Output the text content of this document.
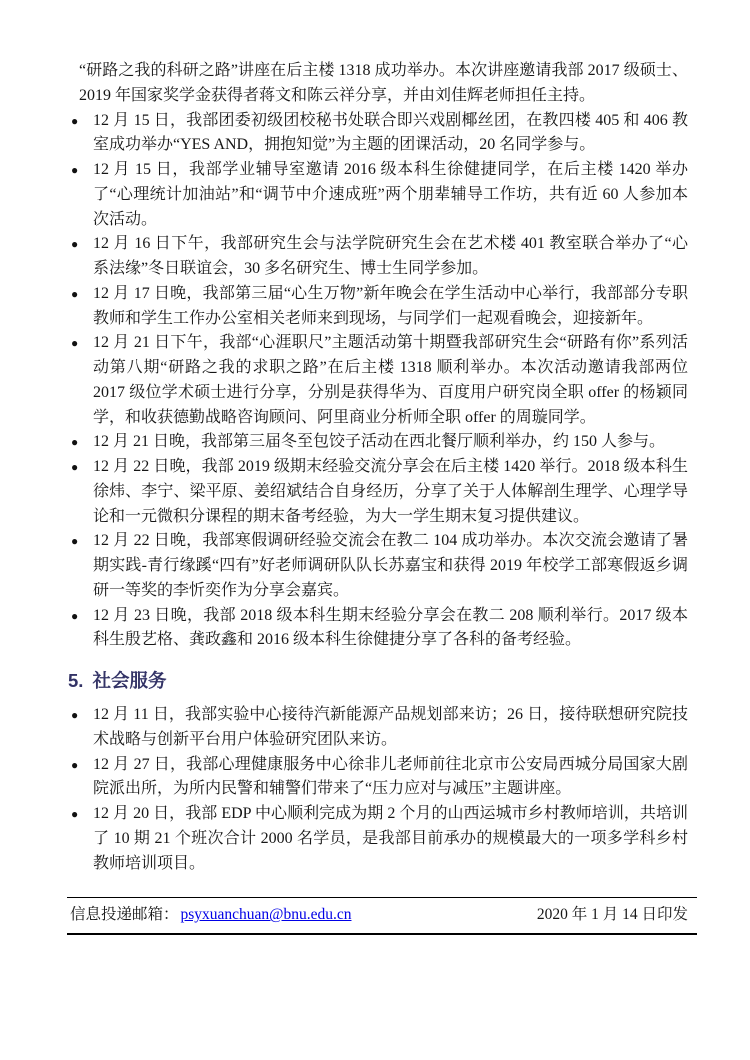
“研路之我的科研之路”讲座在后主楼 1318 成功举办。本次讲座邀请我部 2017 级硕士、2019 年国家奖学金获得者蒋文和陈云祥分享，并由刘佳辉老师担任主持。

● 12 月 15 日，我部团委初级团校秘书处联合即兴戏剧椰丝团，在教四楼 405 和 406 教室成功举办“YES AND，拥抱知觉”为主题的团课活动，20 名同学参与。
● 12 月 15 日，我部学业辅导室邀请 2016 级本科生徐健捷同学，在后主楼 1420 举办了“心理统计加油站”和“调节中介速成班”两个朋辈辅导工作坊，共有近 60 人参加本次活动。
● 12 月 16 日下午，我部研究生会与法学院研究生会在艺术楼 401 教室联合举办了“心系法缘”冬日联谊会，30 多名研究生、博士生同学参加。
● 12 月 17 日晚，我部第三届“心生万物”新年晚会在学生活动中心举行，我部部分专职教师和学生工作办公室相关老师来到现场，与同学们一起观看晚会，迎接新年。
● 12 月 21 日下午，我部“心涯职尺”主题活动第十期暨我部研究生会“研路有你”系列活动第八期“研路之我的求职之路”在后主楼 1318 顺利举办。本次活动邀请我部两位 2017 级位学术硕士进行分享，分别是获得华为、百度用户研究岗全职 offer 的杨颖同学，和收获德勤战略咨询顾问、阿里商业分析师全职 offer 的周璇同学。
● 12 月 21 日晚，我部第三届冬至包饺子活动在西北餐厅顺利举办，约 150 人参与。
● 12 月 22 日晚，我部 2019 级期末经验交流分享会在后主楼 1420 举行。2018 级本科生徐炜、李宁、梁平原、姜绍斌结合自身经历，分享了关于人体解剖生理学、心理学导论和一元微积分课程的期末备考经验，为大一学生期末复习提供建议。
● 12 月 22 日晚，我部寒假调研经验交流会在教二 104 成功举办。本次交流会邀请了暑期实践-青行缘蹊“四有”好老师调研队队长苏嘉宝和获得 2019 年校学工部寒假返乡调研一等奖的李忻奕作为分享会嘉宾。
● 12 月 23 日晚，我部 2018 级本科生期末经验分享会在教二 208 顺利举行。2017 级本科生殷艺格、龚政鑫和 2016 级本科生徐健捷分享了各科的备考经验。
5. 社会服务
● 12 月 11 日，我部实验中心接待汽新能源产品规划部来访；26 日，接待联想研究院技术战略与创新平台用户体验研究团队来访。
● 12 月 27 日，我部心理健康服务中心徐非儿老师前往北京市公安局西城分局国家大剧院派出所，为所内民警和辅警们带来了“压力应对与减压”主题讲座。
● 12 月 20 日，我部 EDP 中心顺利完成为期 2 个月的山西运城市乡村教师培训，共培训了 10 期 21 个班次合计 2000 名学员，是我部目前承办的规模最大的一项多学科乡村教师培训项目。
信息投递邮箱： psyxuanchuan@bnu.edu.cn	2020 年 1 月 14 日印发
